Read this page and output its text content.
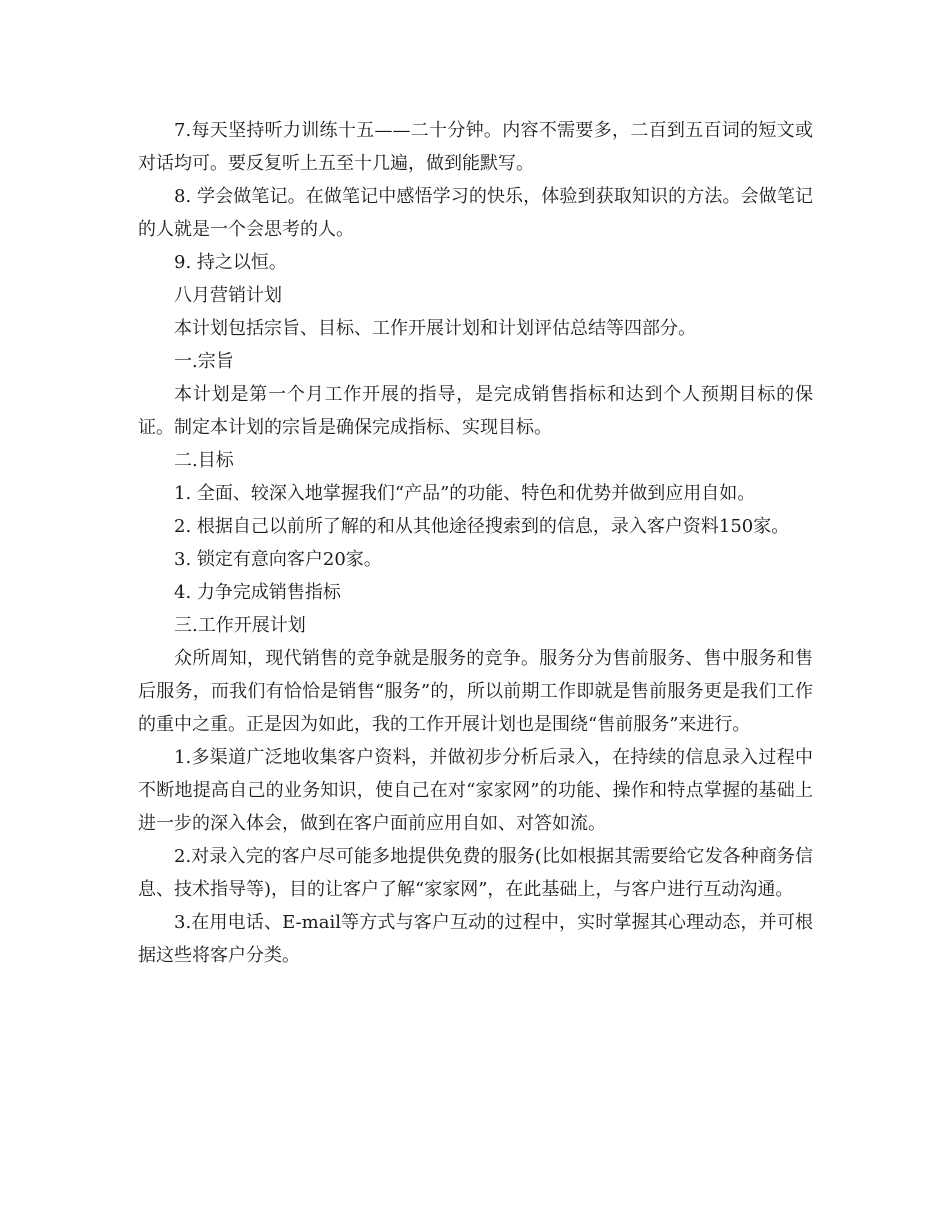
7.每天坚持听力训练十五——二十分钟。内容不需要多，二百到五百词的短文或对话均可。要反复听上五至十几遍，做到能默写。

8. 学会做笔记。在做笔记中感悟学习的快乐，体验到获取知识的方法。会做笔记的人就是一个会思考的人。

9. 持之以恒。

八月营销计划

本计划包括宗旨、目标、工作开展计划和计划评估总结等四部分。

一.宗旨

本计划是第一个月工作开展的指导，是完成销售指标和达到个人预期目标的保证。制定本计划的宗旨是确保完成指标、实现目标。

二.目标

1. 全面、较深入地掌握我们“产品”的功能、特色和优势并做到应用自如。

2. 根据自己以前所了解的和从其他途径搜索到的信息，录入客户资料150家。

3. 锁定有意向客户20家。

4. 力争完成销售指标

三.工作开展计划

众所周知，现代销售的竞争就是服务的竞争。服务分为售前服务、售中服务和售后服务，而我们有恰恰是销售“服务”的，所以前期工作即就是售前服务更是我们工作的重中之重。正是因为如此，我的工作开展计划也是围绕“售前服务”来进行。

1.多渠道广泛地收集客户资料，并做初步分析后录入，在持续的信息录入过程中不断地提高自己的业务知识，使自己在对“家家网”的功能、操作和特点掌握的基础上进一步的深入体会，做到在客户面前应用自如、对答如流。

2.对录入完的客户尽可能多地提供免费的服务(比如根据其需要给它发各种商务信息、技术指导等)，目的让客户了解“家家网”，在此基础上，与客户进行互动沟通。

3.在用电话、E-mail等方式与客户互动的过程中，实时掌握其心理动态，并可根据这些将客户分类。
